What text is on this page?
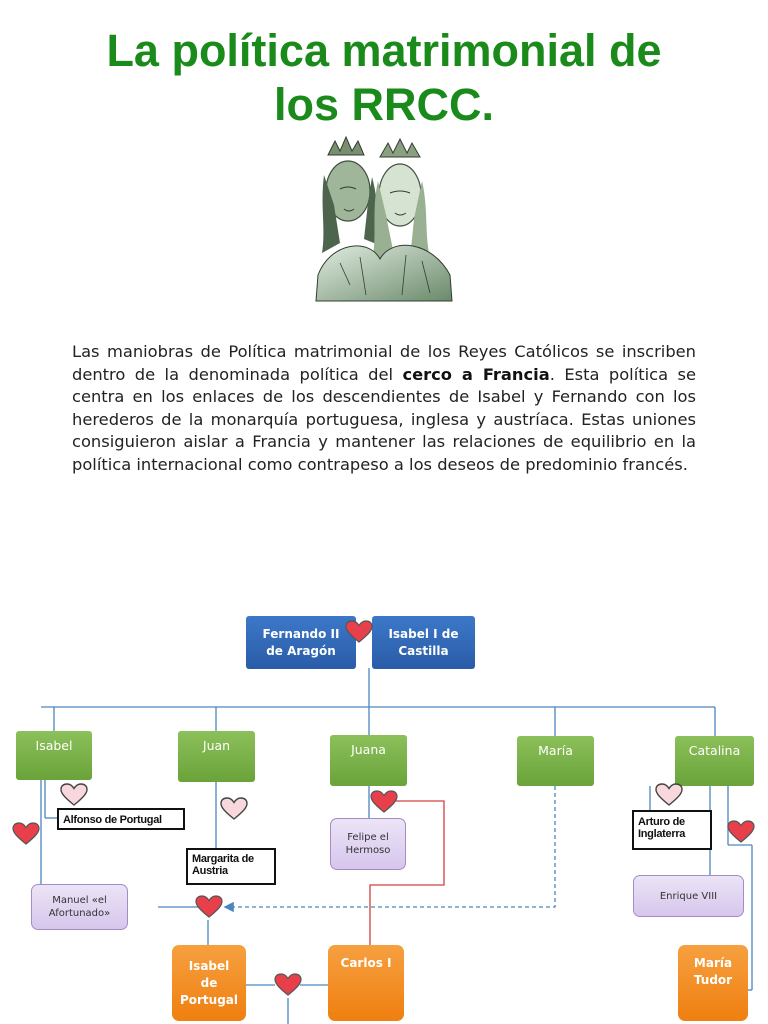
La política matrimonial de
los RRCC.

Las maniobras de Política matrimonial de los Reyes Católicos se inscriben dentro de la denominada política del cerco a Francia. Esta política se centra en los enlaces de los descendientes de Isabel y Fernando con los herederos de la monarquía portuguesa, inglesa y austríaca. Estas uniones consiguieron aislar a Francia y mantener las relaciones de equilibrio en la política internacional como contrapeso a los deseos de predominio francés.

Fernando II
de Aragón
Isabel I de
Castilla
Isabel	Juan	Juana	María	Catalina
Alfonso de Portugal
Margarita de
Austria
Arturo de
Inglaterra
Felipe el
Hermoso
Manuel «el
Afortunado»
Enrique VIII
Isabel
de
Portugal
Carlos I	María
Tudor
